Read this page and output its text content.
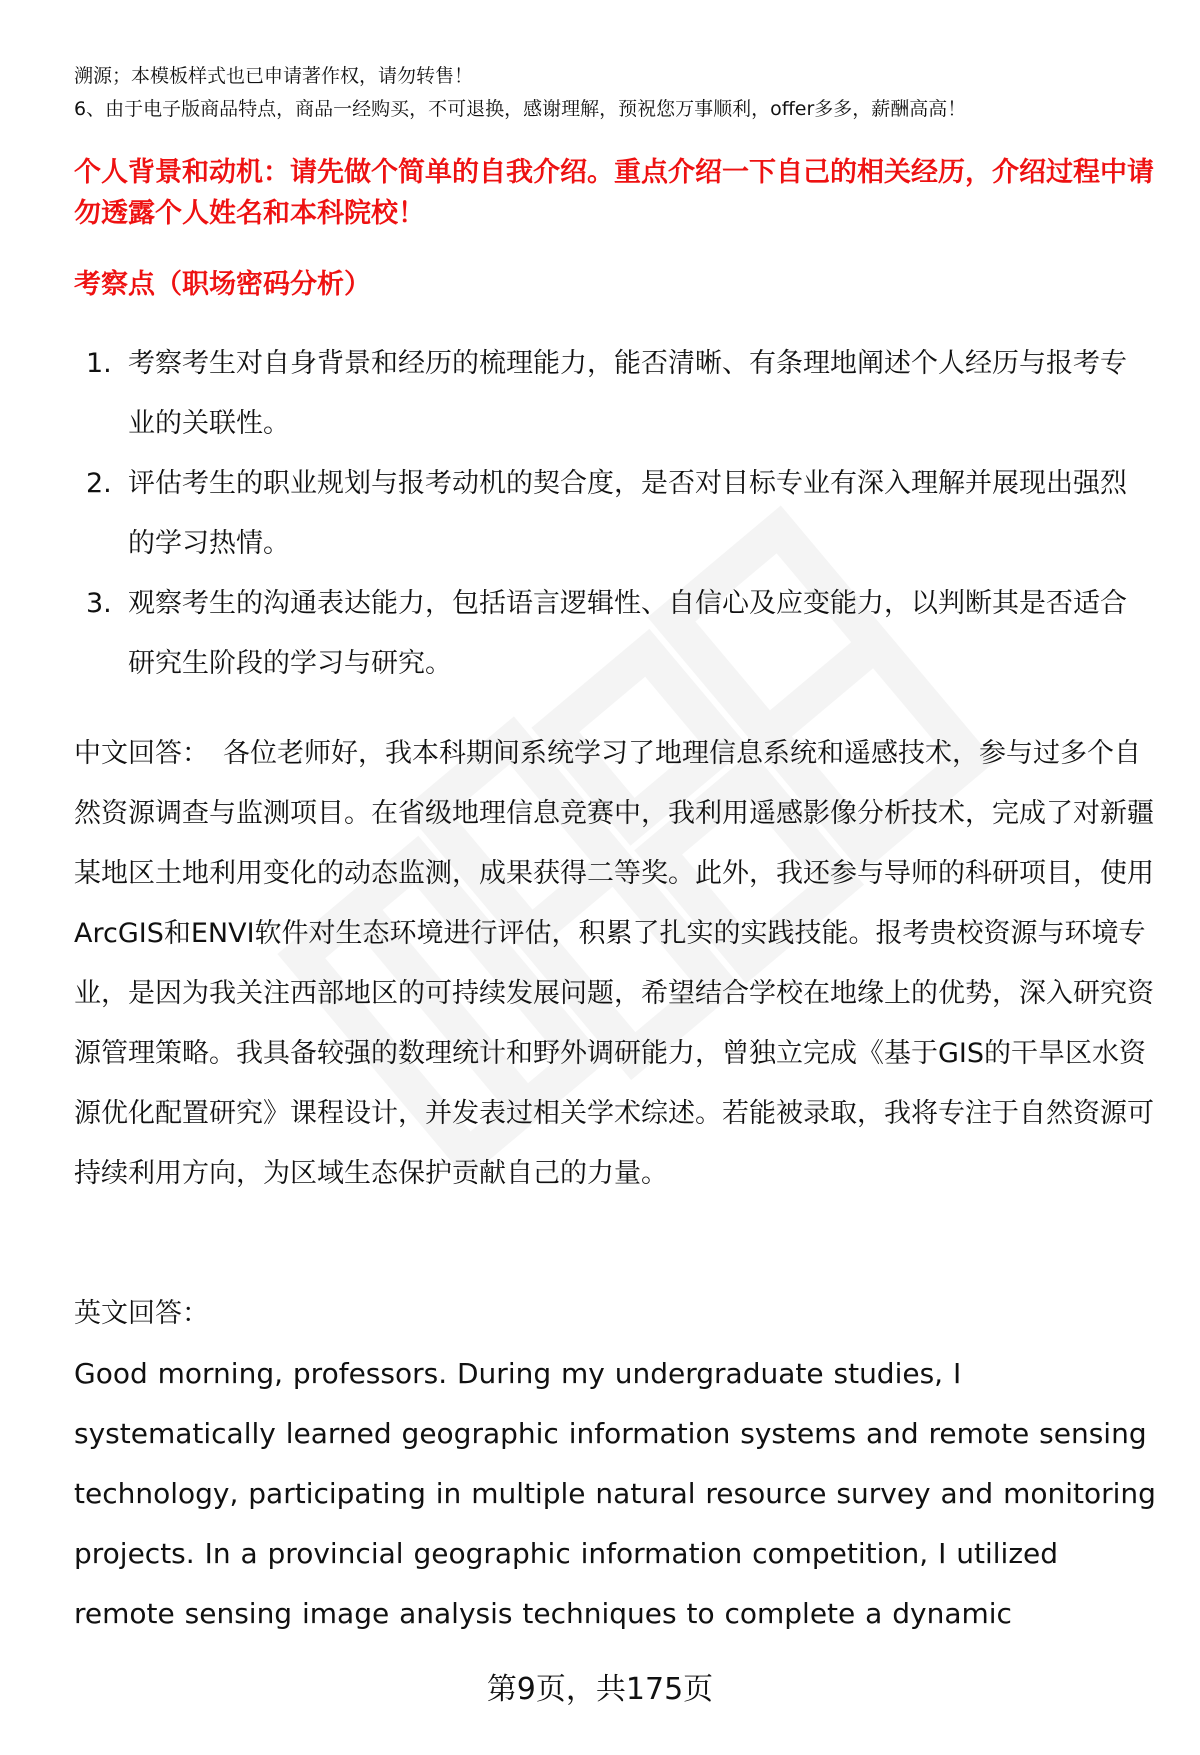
溯源；本模板样式也已申请著作权，请勿转售！
6、由于电子版商品特点，商品一经购买，不可退换，感谢理解，预祝您万事顺利，offer多多，薪酬高高！
个人背景和动机：请先做个简单的自我介绍。重点介绍一下自己的相关经历，介绍过程中请勿透露个人姓名和本科院校！
考察点（职场密码分析）
1. 考察考生对自身背景和经历的梳理能力，能否清晰、有条理地阐述个人经历与报考专业的关联性。
2. 评估考生的职业规划与报考动机的契合度，是否对目标专业有深入理解并展现出强烈的学习热情。
3. 观察考生的沟通表达能力，包括语言逻辑性、自信心及应变能力，以判断其是否适合研究生阶段的学习与研究。
中文回答： 各位老师好，我本科期间系统学习了地理信息系统和遥感技术，参与过多个自然资源调查与监测项目。在省级地理信息竞赛中，我利用遥感影像分析技术，完成了对新疆某地区土地利用变化的动态监测，成果获得二等奖。此外，我还参与导师的科研项目，使用ArcGIS和ENVI软件对生态环境进行评估，积累了扎实的实践技能。报考贵校资源与环境专业，是因为我关注西部地区的可持续发展问题，希望结合学校在地缘上的优势，深入研究资源管理策略。我具备较强的数理统计和野外调研能力，曾独立完成《基于GIS的干旱区水资源优化配置研究》课程设计，并发表过相关学术综述。若能被录取，我将专注于自然资源可持续利用方向，为区域生态保护贡献自己的力量。
英文回答：
Good morning, professors. During my undergraduate studies, I systematically learned geographic information systems and remote sensing technology, participating in multiple natural resource survey and monitoring projects. In a provincial geographic information competition, I utilized remote sensing image analysis techniques to complete a dynamic
第9页，共175页
